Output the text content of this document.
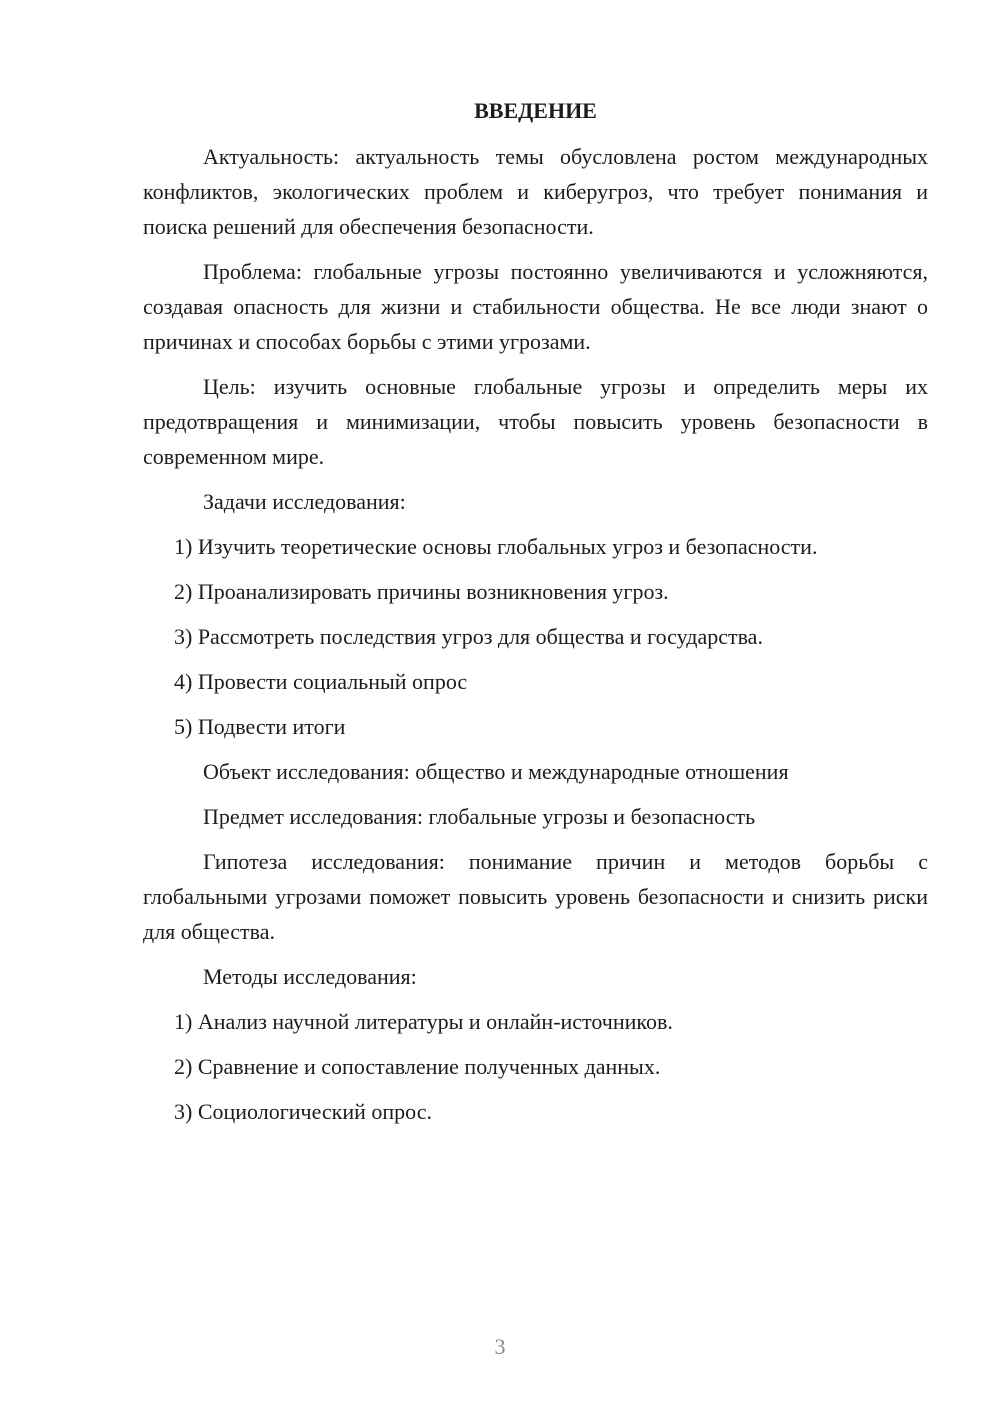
ВВЕДЕНИЕ

Актуальность: актуальность темы обусловлена ростом международных конфликтов, экологических проблем и киберугроз, что требует понимания и поиска решений для обеспечения безопасности.

Проблема: глобальные угрозы постоянно увеличиваются и усложняются, создавая опасность для жизни и стабильности общества. Не все люди знают о причинах и способах борьбы с этими угрозами.

Цель: изучить основные глобальные угрозы и определить меры их предотвращения и минимизации, чтобы повысить уровень безопасности в современном мире.

Задачи исследования:

1) Изучить теоретические основы глобальных угроз и безопасности.

2) Проанализировать причины возникновения угроз.

3) Рассмотреть последствия угроз для общества и государства.

4) Провести социальный опрос

5) Подвести итоги

Объект исследования: общество и международные отношения

Предмет исследования: глобальные угрозы и безопасность

Гипотеза исследования: понимание причин и методов борьбы с глобальными угрозами поможет повысить уровень безопасности и снизить риски для общества.

Методы исследования:

1) Анализ научной литературы и онлайн-источников.

2) Сравнение и сопоставление полученных данных.

3) Социологический опрос.

3
